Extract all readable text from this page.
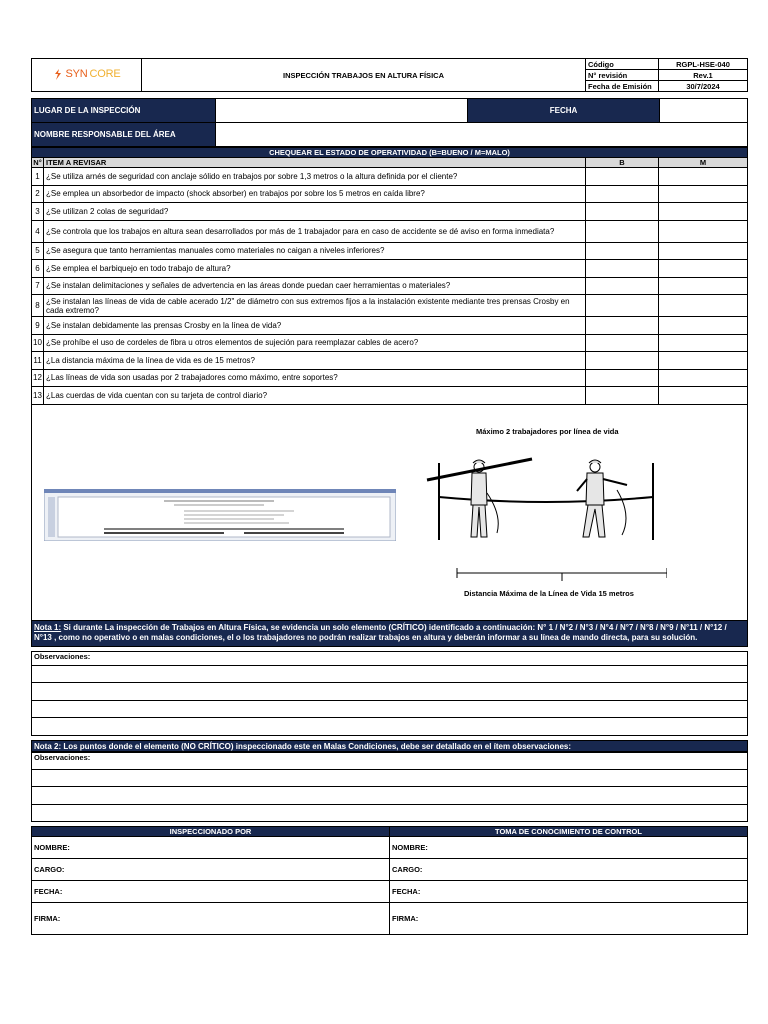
SYN CORE	INSPECCIÓN TRABAJOS EN ALTURA FÍSICA	Código	RGPL-HSE-040
		N° revisión	Rev.1
		Fecha de Emisión	30/7/2024
LUGAR DE LA INSPECCIÓN		FECHA	
NOMBRE RESPONSABLE DEL ÁREA			
CHEQUEAR EL ESTADO DE OPERATIVIDAD (B=BUENO / M=MALO)			
N°	ITEM A REVISAR	B	M
1	¿Se utiliza arnés de seguridad con anclaje sólido en trabajos por sobre 1,3 metros o la altura definida por el cliente?		
2	¿Se emplea un absorbedor de impacto (shock absorber) en trabajos por sobre los 5 metros en caída libre?		
3	¿Se utilizan 2 colas de seguridad?		
4	¿Se controla que los trabajos en altura sean desarrollados por más de 1 trabajador para en caso de accidente se dé aviso en forma inmediata?		
5	¿Se asegura que tanto herramientas manuales como materiales no caigan a niveles inferiores?		
6	¿Se emplea el barbiquejo en todo trabajo de altura?		
7	¿Se instalan delimitaciones y señales de advertencia en las áreas donde puedan caer herramientas o materiales?		
8	¿Se instalan las líneas de vida de cable acerado 1/2" de diámetro con sus extremos fijos a la instalación existente mediante tres prensas Crosby en cada extremo?		
9	¿Se instalan debidamente las prensas Crosby en la línea de vida?		
10	¿Se prohíbe el uso de cordeles de fibra u otros elementos de sujeción para reemplazar cables de acero?		
11	¿La distancia máxima de la línea de vida es de 15 metros?		
12	¿Las líneas de vida son usadas por 2 trabajadores como máximo, entre soportes?		
13	¿Las cuerdas de vida cuentan con su tarjeta de control diario?		
Máximo 2 trabajadores por línea de vida
Distancia Máxima de la Línea de Vida 15 metros
Nota 1: Si durante La inspección de Trabajos en Altura Física, se evidencia un solo elemento (CRÍTICO) identificado a continuación: N° 1 / N°2 / N°3 / N°4 / N°7 / N°8 / N°9 / N°11 / N°12 / N°13 , como no operativo o en malas condiciones, el o los trabajadores no podrán realizar trabajos en altura y deberán informar a su línea de mando directa, para su solución.
Observaciones:

Nota 2: Los puntos donde el elemento (NO CRÍTICO) inspeccionado este en Malas Condiciones, debe ser detallado en el ítem observaciones:
Observaciones:

INSPECCIONADO POR	TOMA DE CONOCIMIENTO DE CONTROL
NOMBRE:	NOMBRE:
CARGO:	CARGO:
FECHA:	FECHA:
FIRMA:	FIRMA:
